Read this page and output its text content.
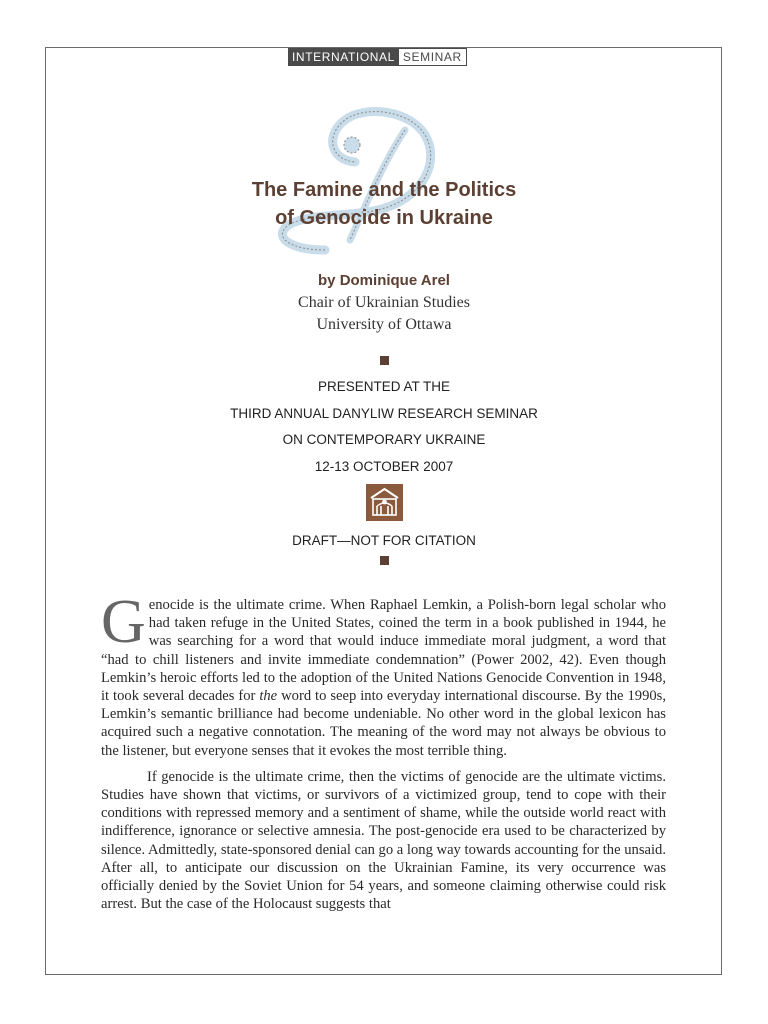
INTERNATIONAL SEMINAR
The Famine and the Politics
of Genocide in Ukraine
by Dominique Arel
Chair of Ukrainian Studies
University of Ottawa
PRESENTED AT THE
THIRD ANNUAL DANYLIW RESEARCH SEMINAR
ON CONTEMPORARY UKRAINE
12-13 OCTOBER 2007
DRAFT—NOT FOR CITATION

Genocide is the ultimate crime. When Raphael Lemkin, a Polish-born legal scholar who had taken refuge in the United States, coined the term in a book published in 1944, he was searching for a word that would induce immediate moral judgment, a word that “had to chill listeners and invite immediate condemnation” (Power 2002, 42). Even though Lemkin’s heroic efforts led to the adoption of the United Nations Genocide Convention in 1948, it took several decades for the word to seep into everyday international discourse. By the 1990s, Lemkin’s semantic brilliance had become undeniable. No other word in the global lexicon has acquired such a negative connotation. The meaning of the word may not always be obvious to the listener, but everyone senses that it evokes the most terrible thing.

If genocide is the ultimate crime, then the victims of genocide are the ultimate victims. Studies have shown that victims, or survivors of a victimized group, tend to cope with their conditions with repressed memory and a sentiment of shame, while the outside world react with indifference, ignorance or selective amnesia. The post-genocide era used to be characterized by silence. Admittedly, state-sponsored denial can go a long way towards accounting for the unsaid. After all, to anticipate our discussion on the Ukrainian Famine, its very occurrence was officially denied by the Soviet Union for 54 years, and someone claiming otherwise could risk arrest. But the case of the Holocaust suggests that
